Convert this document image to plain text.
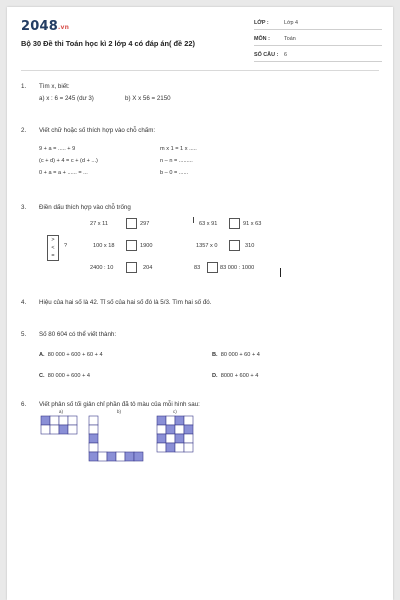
2048.vn
Bộ 30 Đề thi Toán học kì 2 lớp 4 có đáp án( đề 22)
LỚP :	Lớp 4
MÔN :	Toán
SỐ CÂU : 6
1. Tìm x, biết:
a) x : 6 = 245 (dư 3)	b) X x 56 = 2150
2. Viết chữ hoặc số thích hợp vào chỗ chấm:
9 + a = ..... + 9
(c + d) + 4 = c + (d + ...)
0 + a = a + ...... = ...
m x 1 = 1 x .....
n – n = .........
b – 0 = ......
3. Điền dấu thích hợp vào chỗ trống
>
<
=
?
27 x 11	297	63 x 91	91 x 63
100 x 18	1900	1357 x 0	310
2400 : 10	204	83	83 000 : 1000
4. Hiệu của hai số là 42. Tỉ số của hai số đó là 5/3. Tìm hai số đó.
5. Số 80 604 có thể viết thành:
A. 80 000 + 600 + 60 + 4	B. 80 000 + 60 + 4
C. 80 000 + 600 + 4	D. 8000 + 600 + 4
6. Viết phân số tối giản chỉ phần đã tô màu của mỗi hình sau:
a)	b)	c)
